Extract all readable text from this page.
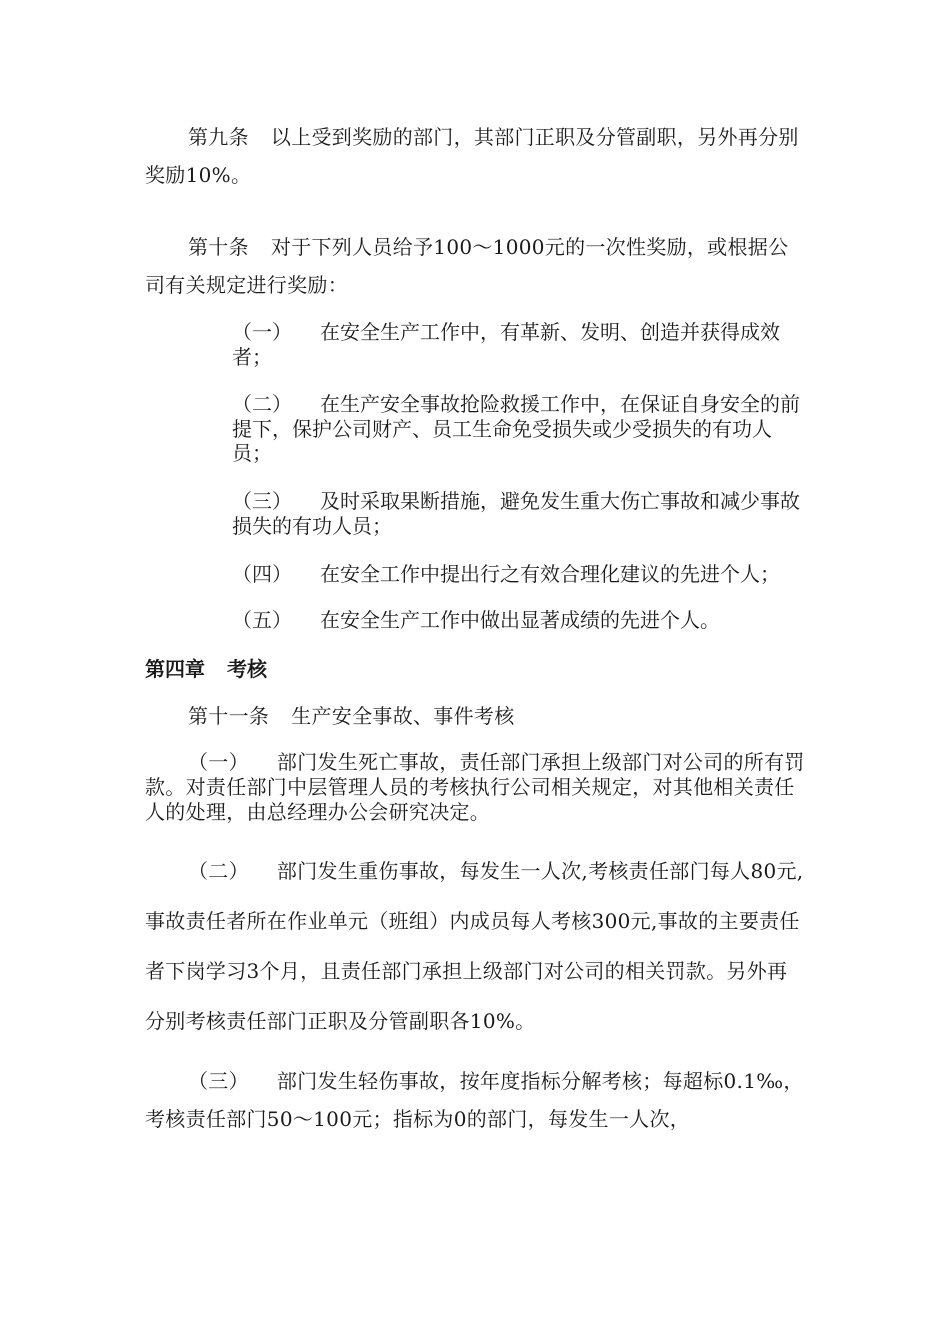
第九条 以上受到奖励的部门，其部门正职及分管副职，另外再分别奖励10%。

第十条 对于下列人员给予100～1000元的一次性奖励，或根据公司有关规定进行奖励：

（一） 在安全生产工作中，有革新、发明、创造并获得成效者；

（二） 在生产安全事故抢险救援工作中，在保证自身安全的前提下，保护公司财产、员工生命免受损失或少受损失的有功人员；

（三） 及时采取果断措施，避免发生重大伤亡事故和减少事故损失的有功人员；

（四） 在安全工作中提出行之有效合理化建议的先进个人；

（五） 在安全生产工作中做出显著成绩的先进个人。

第四章 考核

第十一条 生产安全事故、事件考核

（一） 部门发生死亡事故，责任部门承担上级部门对公司的所有罚款。对责任部门中层管理人员的考核执行公司相关规定，对其他相关责任人的处理，由总经理办公会研究决定。

（二） 部门发生重伤事故，每发生一人次,考核责任部门每人80元,事故责任者所在作业单元（班组）内成员每人考核300元,事故的主要责任者下岗学习3个月，且责任部门承担上级部门对公司的相关罚款。另外再分别考核责任部门正职及分管副职各10%。

（三） 部门发生轻伤事故，按年度指标分解考核；每超标0.1‰，考核责任部门50～100元；指标为0的部门，每发生一人次，
